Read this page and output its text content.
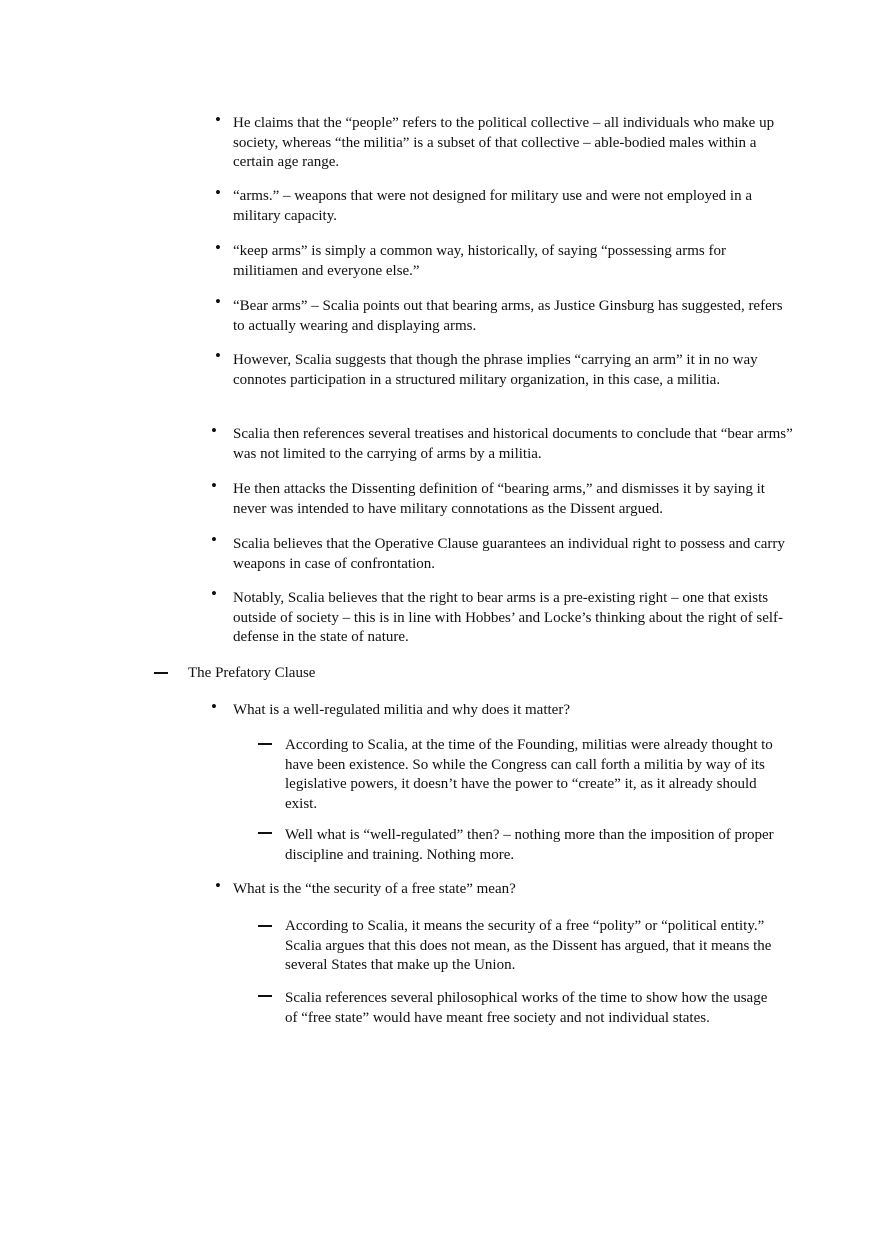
• He claims that the “people” refers to the political collective – all individuals who make up society, whereas “the militia” is a subset of that collective – able-bodied males within a certain age range.
• “arms.” – weapons that were not designed for military use and were not employed in a military capacity.
• “keep arms” is simply a common way, historically, of saying “possessing arms for militiamen and everyone else.”
• “Bear arms” – Scalia points out that bearing arms, as Justice Ginsburg has suggested, refers to actually wearing and displaying arms.
• However, Scalia suggests that though the phrase implies “carrying an arm” it in no way connotes participation in a structured military organization, in this case, a militia.
• Scalia then references several treatises and historical documents to conclude that “bear arms” was not limited to the carrying of arms by a militia.
• He then attacks the Dissenting definition of “bearing arms,” and dismisses it by saying it never was intended to have military connotations as the Dissent argued.
• Scalia believes that the Operative Clause guarantees an individual right to possess and carry weapons in case of confrontation.
• Notably, Scalia believes that the right to bear arms is a pre-existing right – one that exists outside of society – this is in line with Hobbes’ and Locke’s thinking about the right of self-defense in the state of nature.
The Prefatory Clause
• What is a well-regulated militia and why does it matter?
According to Scalia, at the time of the Founding, militias were already thought to have been existence. So while the Congress can call forth a militia by way of its legislative powers, it doesn’t have the power to “create” it, as it already should exist.
Well what is “well-regulated” then? – nothing more than the imposition of proper discipline and training. Nothing more.
• What is the “the security of a free state” mean?
According to Scalia, it means the security of a free “polity” or “political entity.” Scalia argues that this does not mean, as the Dissent has argued, that it means the several States that make up the Union.
Scalia references several philosophical works of the time to show how the usage of “free state” would have meant free society and not individual states.
